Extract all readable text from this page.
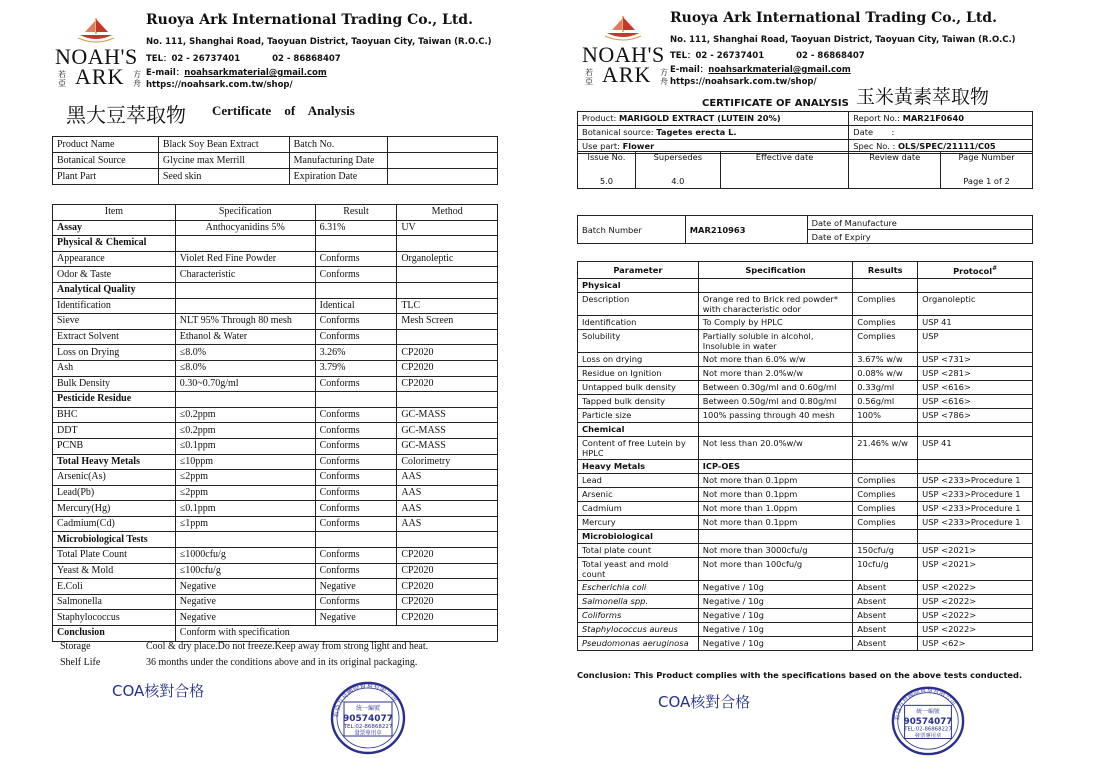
NOAH'S
若亞 ARK 方舟
Ruoya Ark International Trading Co., Ltd.
No. 111, Shanghai Road, Taoyuan District, Taoyuan City, Taiwan (R.O.C.)
TEL：02 - 26737401	02 - 86868407
E-mail：noahsarkmaterial@gmail.com
https://noahsark.com.tw/shop/
黑大豆萃取物 Certificate of Analysis
Product Name	Black Soy Bean Extract	Batch No.	
Botanical Source	Glycine max Merrill	Manufacturing Date	
Plant Part	Seed skin	Expiration Date	
Item	Specification	Result	Method
Assay	Anthocyanidins 5%	6.31%	UV
Physical & Chemical			
Appearance	Violet Red Fine Powder	Conforms	Organoleptic
Odor & Taste	Characteristic	Conforms	
Analytical Quality			
Identification		Identical	TLC
Sieve	NLT 95% Through 80 mesh	Conforms	Mesh Screen
Extract Solvent	Ethanol & Water	Conforms	
Loss on Drying	≤8.0%	3.26%	CP2020
Ash	≤8.0%	3.79%	CP2020
Bulk Density	0.30~0.70g/ml	Conforms	CP2020
Pesticide Residue			
BHC	≤0.2ppm	Conforms	GC-MASS
DDT	≤0.2ppm	Conforms	GC-MASS
PCNB	≤0.1ppm	Conforms	GC-MASS
Total Heavy Metals	≤10ppm	Conforms	Colorimetry
Arsenic(As)	≤2ppm	Conforms	AAS
Lead(Pb)	≤2ppm	Conforms	AAS
Mercury(Hg)	≤0.1ppm	Conforms	AAS
Cadmium(Cd)	≤1ppm	Conforms	AAS
Microbiological Tests			
Total Plate Count	≤1000cfu/g	Conforms	CP2020
Yeast & Mold	≤100cfu/g	Conforms	CP2020
E.Coli	Negative	Negative	CP2020
Salmonella	Negative	Conforms	CP2020
Staphylococcus	Negative	Negative	CP2020
Conclusion	Conform with specification		
Storage	Cool & dry place.Do not freeze.Keep away from strong light and heat.
Shelf Life	36 months under the conditions above and in its original packaging.
COA核對合格
若亞方舟國際貿易有限公司
統一編號
90574077
TEL:02-86868227
發票專用章
NOAH'S
若亞 ARK 方舟
Ruoya Ark International Trading Co., Ltd.
No. 111, Shanghai Road, Taoyuan District, Taoyuan City, Taiwan (R.O.C.)
TEL：02 - 26737401	02 - 86868407
E-mail：noahsarkmaterial@gmail.com
https://noahsark.com.tw/shop/
CERTIFICATE OF ANALYSIS 玉米黃素萃取物
Product: MARIGOLD EXTRACT (LUTEIN 20%)	Report No.: MAR21F0640
Botanical source: Tagetes erecta L.	Date       :
Use part: Flower	Spec No. : OLS/SPEC/21111/C05
Issue No.	Supersedes	Effective date	Review date	Page Number
5.0	4.0			Page 1 of 2
Batch Number	MAR210963	Date of Manufacture
Date of Expiry
Parameter	Specification	Results	Protocol#
Physical			
Description	Orange red to Brick red powder* with characteristic odor	Complies	Organoleptic
Identification	To Comply by HPLC	Complies	USP 41
Solubility	Partially soluble in alcohol, Insoluble in water	Complies	USP
Loss on drying	Not more than 6.0% w/w	3.67% w/w	USP <731>
Residue on Ignition	Not more than 2.0%w/w	0.08% w/w	USP <281>
Untapped bulk density	Between 0.30g/ml and 0.60g/ml	0.33g/ml	USP <616>
Tapped bulk density	Between 0.50g/ml and 0.80g/ml	0.56g/ml	USP <616>
Particle size	100% passing through 40 mesh	100%	USP <786>
Chemical			
Content of free Lutein by HPLC	Not less than 20.0%w/w	21.46% w/w	USP 41
Heavy Metals	ICP-OES		
Lead	Not more than 0.1ppm	Complies	USP <233>Procedure 1
Arsenic	Not more than 0.1ppm	Complies	USP <233>Procedure 1
Cadmium	Not more than 1.0ppm	Complies	USP <233>Procedure 1
Mercury	Not more than 0.1ppm	Complies	USP <233>Procedure 1
Microbiological			
Total plate count	Not more than 3000cfu/g	150cfu/g	USP <2021>
Total yeast and mold count	Not more than 100cfu/g	10cfu/g	USP <2021>
Escherichia coli	Negative / 10g	Absent	USP <2022>
Salmonella spp.	Negative / 10g	Absent	USP <2022>
Coliforms	Negative / 10g	Absent	USP <2022>
Staphylococcus aureus	Negative / 10g	Absent	USP <2022>
Pseudomonas aeruginosa	Negative / 10g	Absent	USP <62>
Conclusion: This Product complies with the specifications based on the above tests conducted.
COA核對合格
若亞方舟國際貿易有限公司
統一編號
90574077
TEL:02-86868227
發票專用章
